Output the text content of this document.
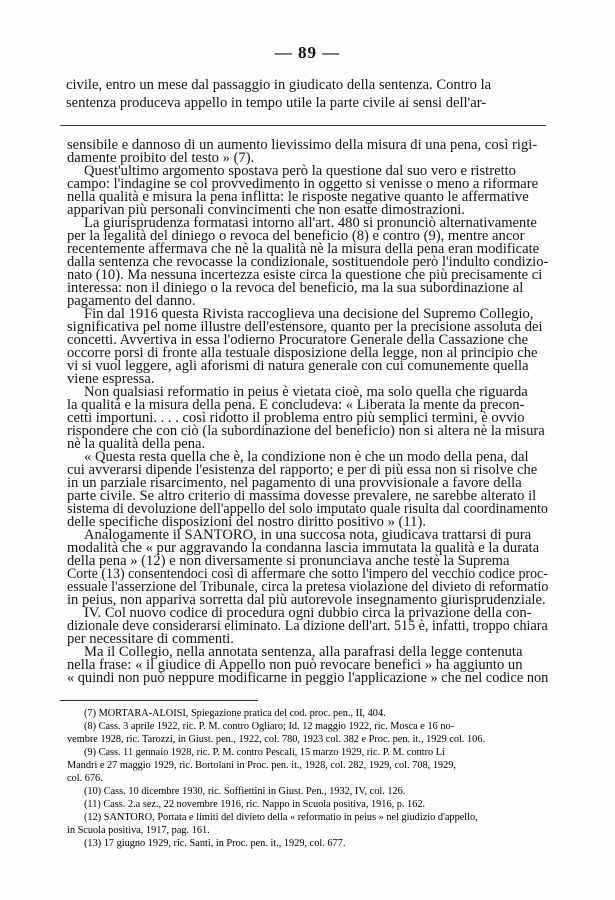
— 89 —
civile, entro un mese dal passaggio in giudicato della sentenza. Contro la
sentenza produceva appello in tempo utile la parte civile ai sensi dell'ar-
sensibile e dannoso di un aumento lievissimo della misura di una pena, così rigi-
damente proibito del testo » (7).
Quest'ultimo argomento spostava però la questione dal suo vero e ristretto
campo: l'indagine se col provvedimento in oggetto si venisse o meno a riformare
nella qualità e misura la pena inflitta: le risposte negative quanto le affermative
apparivan più personali convincimenti che non esatte dimostrazioni.
La giurisprudenza formatasi intorno all'art. 480 si pronunciò alternativamente
per la legalità del diniego o revoca del beneficio (8) e contro (9), mentre ancor
recentemente affermava che nè la qualità nè la misura della pena eran modificate
dalla sentenza che revocasse la condizionale, sostituendole però l'indulto condizio-
nato (10). Ma nessuna incertezza esiste circa la questione che più precisamente ci
interessa: non il diniego o la revoca del beneficio, ma la sua subordinazione al
pagamento del danno.
Fin dal 1916 questa Rivista raccoglieva una decisione del Supremo Collegio,
significativa pel nome illustre dell'estensore, quanto per la precisione assoluta dei
concetti. Avvertiva in essa l'odierno Procuratore Generale della Cassazione che
occorre porsi di fronte alla testuale disposizione della legge, non al principio che
vi si vuol leggere, agli aforismi di natura generale con cui comunemente quella
viene espressa.
Non qualsiasi reformatio in peius è vietata cioè, ma solo quella che riguarda
la qualità e la misura della pena. E concludeva: « Liberata la mente da precon-
cetti importuni. . . . così ridotto il problema entro più semplici termini, è ovvio
rispondere che con ciò (la subordinazione del beneficio) non si altera nè la misura
nè la qualità della pena.
« Questa resta quella che è, la condizione non è che un modo della pena, dal
cui avverarsi dipende l'esistenza del rapporto; e per di più essa non si risolve che
in un parziale risarcimento, nel pagamento di una provvisionale a favore della
parte civile. Se altro criterio di massima dovesse prevalere, ne sarebbe alterato il
sistema di devoluzione dell'appello del solo imputato quale risulta dal coordinamento
delle specifiche disposizioni del nostro diritto positivo » (11).
Analogamente il SANTORO, in una succosa nota, giudicava trattarsi di pura
modalità che « pur aggravando la condanna lascia immutata la qualità e la durata
della pena » (12) e non diversamente si pronunciava anche testè la Suprema
Corte (13) consentendoci così di affermare che sotto l'impero del vecchio codice proc-
essuale l'asserzione del Tribunale, circa la pretesa violazione del divieto di reformatio
in peius, non appariva sorretta dal più autorevole insegnamento giurisprudenziale.
IV. Col nuovo codice di procedura ogni dubbio circa la privazione della con-
dizionale deve considerarsi eliminato. La dizione dell'art. 515 è, infatti, troppo chiara
per necessitare di commenti.
Ma il Collegio, nella annotata sentenza, alla parafrasi della legge contenuta
nella frase: « il giudice di Appello non può revocare benefici » ha aggiunto un
« quindi non può neppure modificarne in peggio l'applicazione » che nel codice non
(7) MORTARA-ALOISI, Spiegazione pratica del cod. proc. pen., II, 404.
(8) Cass. 3 aprile 1922, ric. P. M. contro Ogliaro; Id. 12 maggio 1922, ric. Mosca e 16 no-
vembre 1928, ric. Tarozzi, in Giust. pen., 1922, col. 780, 1923 col. 382 e Proc. pen. it., 1929 col. 106.
(9) Cass. 11 gennaio 1928, ric. P. M. contro Pescali, 15 marzo 1929, ric. P. M. contro Li
Mandri e 27 maggio 1929, ric. Bortolani in Proc. pen. it., 1928, col. 282, 1929, col. 708, 1929,
col. 676.
(10) Cass. 10 dicembre 1930, ric. Soffiettini in Giust. Pen., 1932, IV, col. 126.
(11) Cass. 2.a sez., 22 novembre 1916, ric. Nappo in Scuola positiva, 1916, p. 162.
(12) SANTORO, Portata e limiti del divieto della « reformatio in peius » nel giudizio d'appello,
in Scuola positiva, 1917, pag. 161.
(13) 17 giugno 1929, ric. Santi, in Proc. pen. it., 1929, col. 677.
